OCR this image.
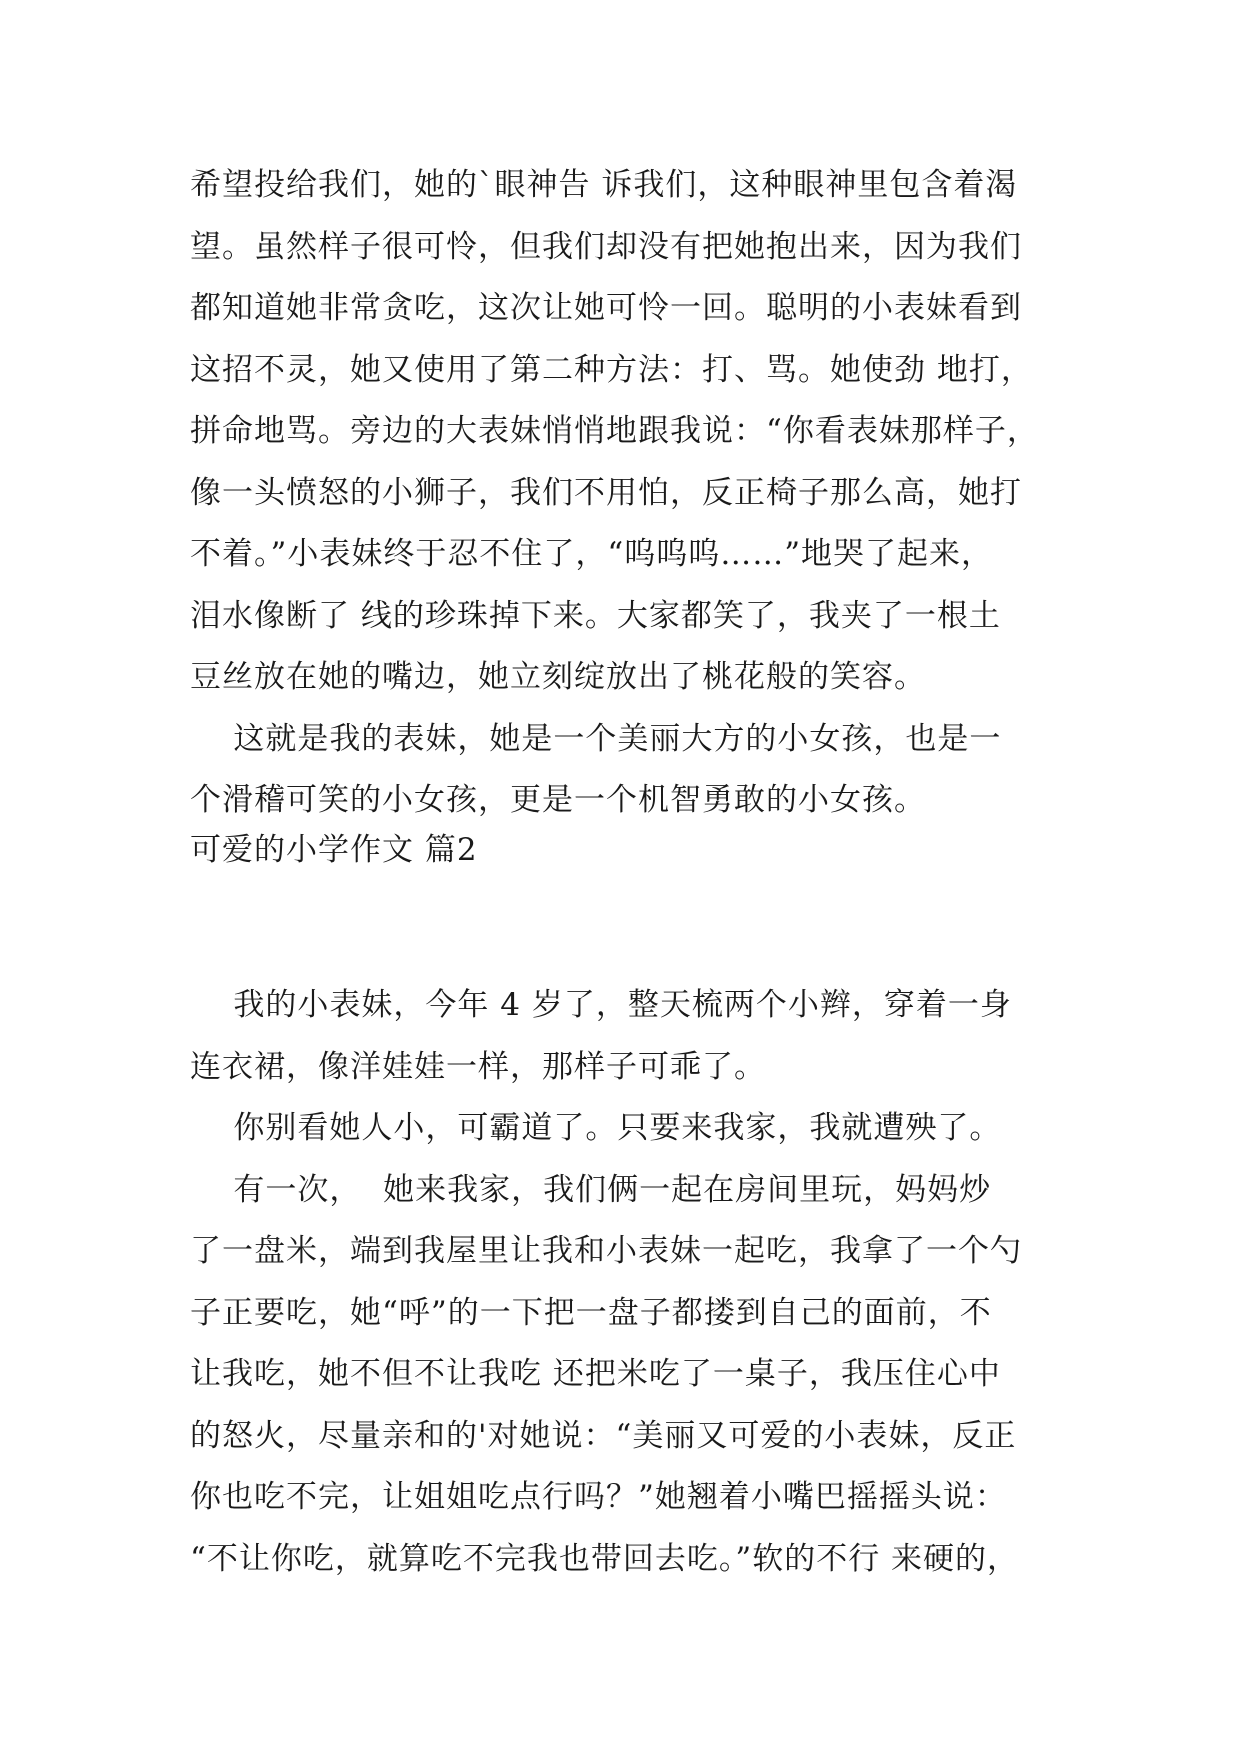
希望投给我们，她的`眼神告 诉我们，这种眼神里包含着渴
望。虽然样子很可怜，但我们却没有把她抱出来，因为我们
都知道她非常贪吃，这次让她可怜一回。聪明的小表妹看到
这招不灵，她又使用了第二种方法：打、骂。她使劲 地打，
拼命地骂。旁边的大表妹悄悄地跟我说：“你看表妹那样子，
像一头愤怒的小狮子，我们不用怕，反正椅子那么高，她打
不着。”小表妹终于忍不住了，“呜呜呜……”地哭了起来，
泪水像断了 线的珍珠掉下来。大家都笑了，我夹了一根土
豆丝放在她的嘴边，她立刻绽放出了桃花般的笑容。
这就是我的表妹，她是一个美丽大方的小女孩，也是一
个滑稽可笑的小女孩，更是一个机智勇敢的小女孩。
可爱的小学作文 篇2
我的小表妹，今年 4 岁了，整天梳两个小辫，穿着一身
连衣裙，像洋娃娃一样，那样子可乖了。
你别看她人小，可霸道了。只要来我家，我就遭殃了。
有一次，  她来我家，我们俩一起在房间里玩，妈妈炒
了一盘米，端到我屋里让我和小表妹一起吃，我拿了一个勺
子正要吃，她“呼”的一下把一盘子都搂到自己的面前，不
让我吃，她不但不让我吃 还把米吃了一桌子，我压住心中
的怒火，尽量亲和的'对她说：“美丽又可爱的小表妹，反正
你也吃不完，让姐姐吃点行吗？”她翘着小嘴巴摇摇头说：
“不让你吃，就算吃不完我也带回去吃。”软的不行 来硬的，
